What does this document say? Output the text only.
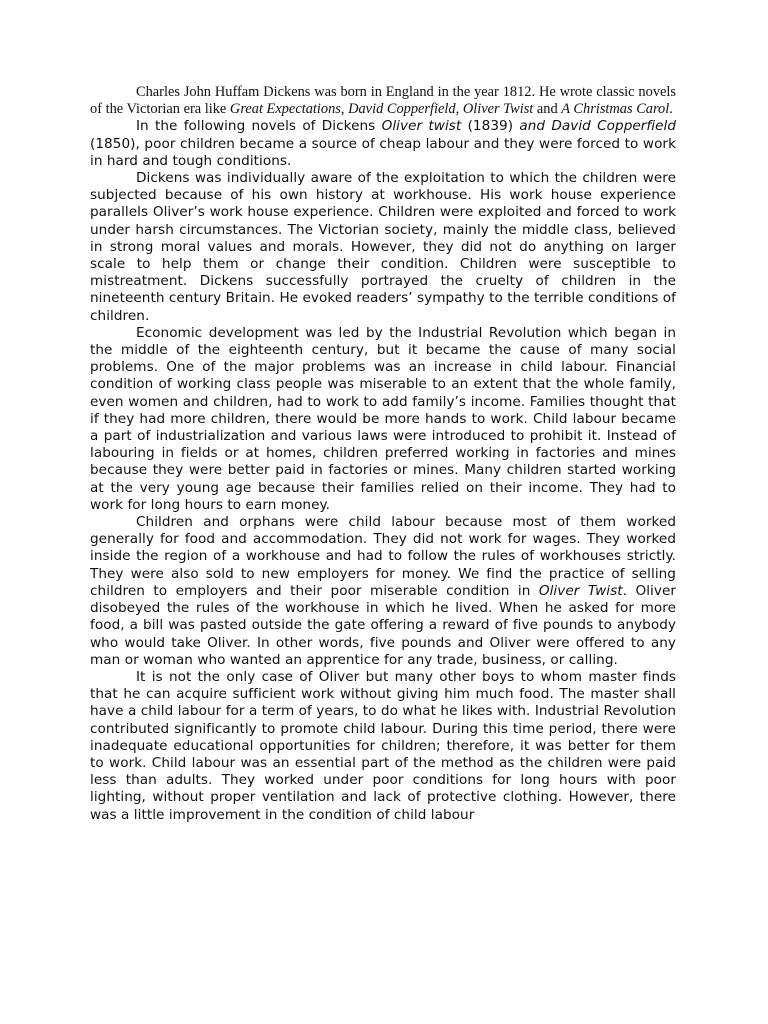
Charles John Huffam Dickens was born in England in the year 1812. He wrote classic novels of the Victorian era like Great Expectations, David Copperfield, Oliver Twist and A Christmas Carol.

In the following novels of Dickens Oliver twist (1839) and David Copperfield (1850), poor children became a source of cheap labour and they were forced to work in hard and tough conditions.

Dickens was individually aware of the exploitation to which the children were subjected because of his own history at workhouse. His work house experience parallels Oliver’s work house experience. Children were exploited and forced to work under harsh circumstances. The Victorian society, mainly the middle class, believed in strong moral values and morals. However, they did not do anything on larger scale to help them or change their condition. Children were susceptible to mistreatment. Dickens successfully portrayed the cruelty of children in the nineteenth century Britain. He evoked readers’ sympathy to the terrible conditions of children.

Economic development was led by the Industrial Revolution which began in the middle of the eighteenth century, but it became the cause of many social problems. One of the major problems was an increase in child labour. Financial condition of working class people was miserable to an extent that the whole family, even women and children, had to work to add family’s income. Families thought that if they had more children, there would be more hands to work. Child labour became a part of industrialization and various laws were introduced to prohibit it. Instead of labouring in fields or at homes, children preferred working in factories and mines because they were better paid in factories or mines. Many children started working at the very young age because their families relied on their income. They had to work for long hours to earn money.

Children and orphans were child labour because most of them worked generally for food and accommodation. They did not work for wages. They worked inside the region of a workhouse and had to follow the rules of workhouses strictly. They were also sold to new employers for money. We find the practice of selling children to employers and their poor miserable condition in Oliver Twist. Oliver disobeyed the rules of the workhouse in which he lived. When he asked for more food, a bill was pasted outside the gate offering a reward of five pounds to anybody who would take Oliver. In other words, five pounds and Oliver were offered to any man or woman who wanted an apprentice for any trade, business, or calling.

It is not the only case of Oliver but many other boys to whom master finds that he can acquire sufficient work without giving him much food. The master shall have a child labour for a term of years, to do what he likes with. Industrial Revolution contributed significantly to promote child labour. During this time period, there were inadequate educational opportunities for children; therefore, it was better for them to work. Child labour was an essential part of the method as the children were paid less than adults. They worked under poor conditions for long hours with poor lighting, without proper ventilation and lack of protective clothing. However, there was a little improvement in the condition of child labour
